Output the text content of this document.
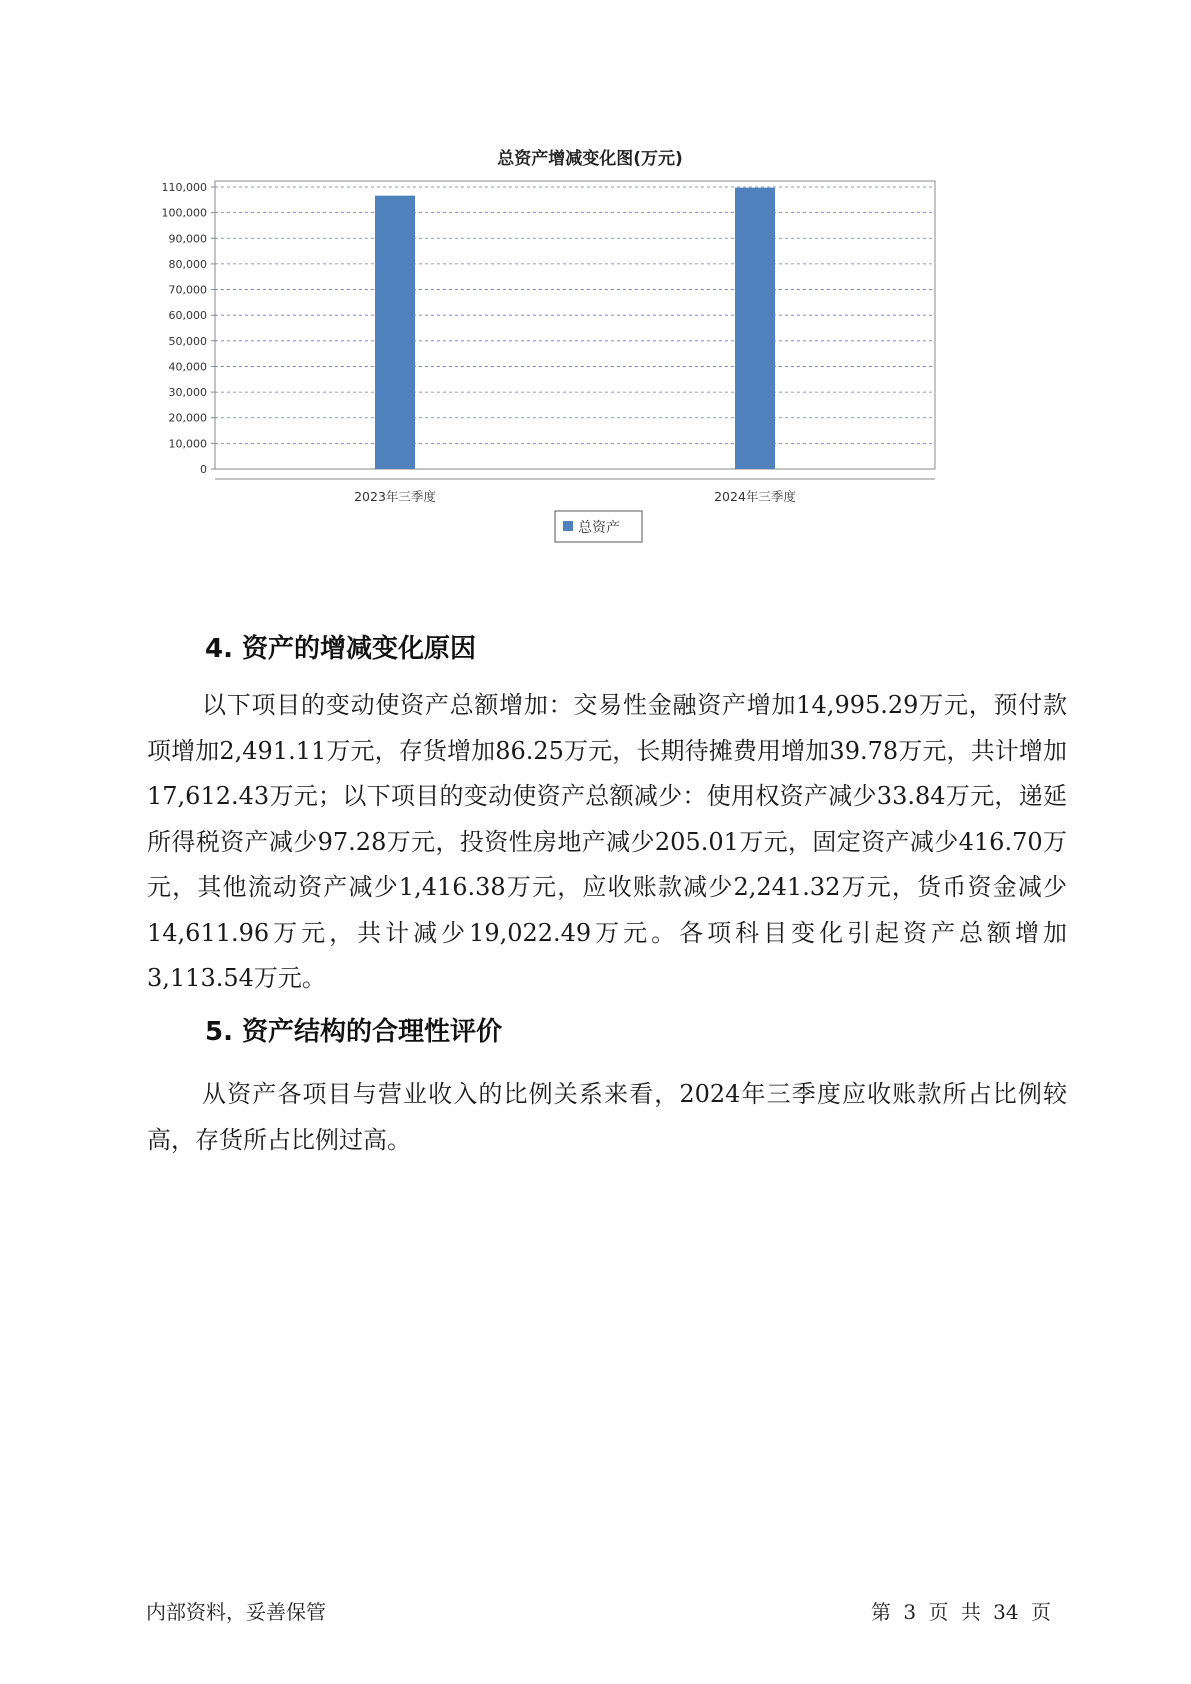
总资产增减变化图(万元)
0
10,000
20,000
30,000
40,000
50,000
60,000
70,000
80,000
90,000
100,000
110,000
2023年三季度	2024年三季度
总资产
4. 资产的增减变化原因

以下项目的变动使资产总额增加：交易性金融资产增加14,995.29万元，预付款项增加2,491.11万元，存货增加86.25万元，长期待摊费用增加39.78万元，共计增加17,612.43万元；以下项目的变动使资产总额减少：使用权资产减少33.84万元，递延所得税资产减少97.28万元，投资性房地产减少205.01万元，固定资产减少416.70万元，其他流动资产减少1,416.38万元，应收账款减少2,241.32万元，货币资金减少14,611.96万元，共计减少19,022.49万元。各项科目变化引起资产总额增加3,113.54万元。

5. 资产结构的合理性评价

从资产各项目与营业收入的比例关系来看，2024年三季度应收账款所占比例较高，存货所占比例过高。

内部资料，妥善保管	第 3 页 共 34 页
